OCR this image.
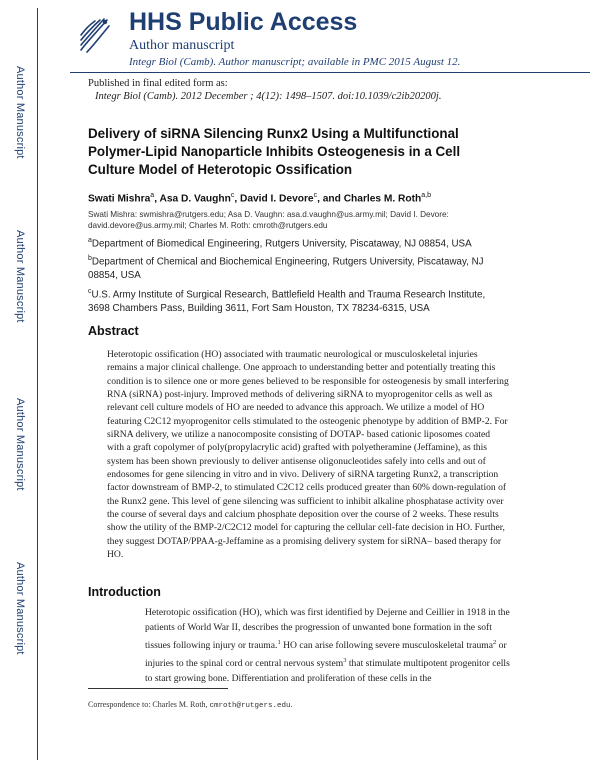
Author Manuscript
Author Manuscript
Author Manuscript
Author Manuscript
HHS Public Access
Author manuscript
Integr Biol (Camb). Author manuscript; available in PMC 2015 August 12.
Published in final edited form as:
Integr Biol (Camb). 2012 December ; 4(12): 1498–1507. doi:10.1039/c2ib20200j.
Delivery of siRNA Silencing Runx2 Using a Multifunctional Polymer-Lipid Nanoparticle Inhibits Osteogenesis in a Cell Culture Model of Heterotopic Ossification
Swati Mishra$^a$, Asa D. Vaughn$^c$, David I. Devore$^c$, and Charles M. Roth$^{a,b}$
Swati Mishra: swmishra@rutgers.edu; Asa D. Vaughn: asa.d.vaughn@us.army.mil; David I. Devore: david.devore@us.army.mil; Charles M. Roth: cmroth@rutgers.edu
$^a$Department of Biomedical Engineering, Rutgers University, Piscataway, NJ 08854, USA
$^b$Department of Chemical and Biochemical Engineering, Rutgers University, Piscataway, NJ 08854, USA
$^c$U.S. Army Institute of Surgical Research, Battlefield Health and Trauma Research Institute, 3698 Chambers Pass, Building 3611, Fort Sam Houston, TX 78234-6315, USA
Abstract
Heterotopic ossification (HO) associated with traumatic neurological or musculoskeletal injuries remains a major clinical challenge. One approach to understanding better and potentially treating this condition is to silence one or more genes believed to be responsible for osteogenesis by small interfering RNA (siRNA) post-injury. Improved methods of delivering siRNA to myoprogenitor cells as well as relevant cell culture models of HO are needed to advance this approach. We utilize a model of HO featuring C2C12 myoprogenitor cells stimulated to the osteogenic phenotype by addition of BMP-2. For siRNA delivery, we utilize a nanocomposite consisting of DOTAP- based cationic liposomes coated with a graft copolymer of poly(propylacrylic acid) grafted with polyetheramine (Jeffamine), as this system has been shown previously to deliver antisense oligonucleotides safely into cells and out of endosomes for gene silencing in vitro and in vivo. Delivery of siRNA targeting Runx2, a transcription factor downstream of BMP-2, to stimulated C2C12 cells produced greater than 60% down-regulation of the Runx2 gene. This level of gene silencing was sufficient to inhibit alkaline phosphatase activity over the course of several days and calcium phosphate deposition over the course of 2 weeks. These results show the utility of the BMP-2/C2C12 model for capturing the cellular cell-fate decision in HO. Further, they suggest DOTAP/PPAA-g-Jeffamine as a promising delivery system for siRNA– based therapy for HO.
Introduction
Heterotopic ossification (HO), which was first identified by Dejerne and Ceillier in 1918 in the patients of World War II, describes the progression of unwanted bone formation in the soft tissues following injury or trauma.$^1$ HO can arise following severe musculoskeletal trauma$^2$ or injuries to the spinal cord or central nervous system$^3$ that stimulate multipotent progenitor cells to start growing bone. Differentiation and proliferation of these cells in the
Correspondence to: Charles M. Roth, cmroth@rutgers.edu.
